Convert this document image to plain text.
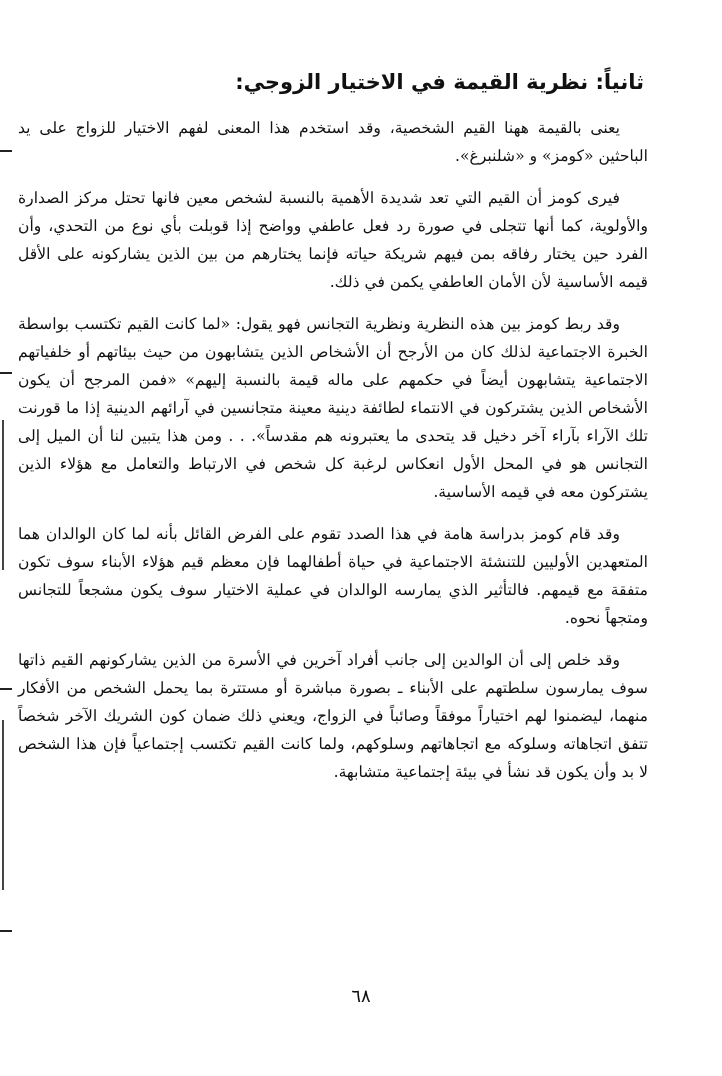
ثانياً: نظرية القيمة في الاختيار الزوجي:

يعنى بالقيمة ههنا القيم الشخصية، وقد استخدم هذا المعنى لفهم الاختيار للزواج على يد الباحثين «كومز» و «شلنبرغ».

فيرى كومز أن القيم التي تعد شديدة الأهمية بالنسبة لشخص معين فانها تحتل مركز الصدارة والأولوية، كما أنها تتجلى في صورة رد فعل عاطفي وواضح إذا قوبلت بأي نوع من التحدي، وأن الفرد حين يختار رفاقه بمن فيهم شريكة حياته فإنما يختارهم من بين الذين يشاركونه على الأقل قيمه الأساسية لأن الأمان العاطفي يكمن في ذلك.

وقد ربط كومز بين هذه النظرية ونظرية التجانس فهو يقول: «لما كانت القيم تكتسب بواسطة الخبرة الاجتماعية لذلك كان من الأرجح أن الأشخاص الذين يتشابهون من حيث بيئاتهم أو خلفياتهم الاجتماعية يتشابهون أيضاً في حكمهم على ماله قيمة بالنسبة إليهم» «فمن المرجح أن يكون الأشخاص الذين يشتركون في الانتماء لطائفة دينية معينة متجانسين في آرائهم الدينية إذا ما قورنت تلك الآراء بآراء آخر دخيل قد يتحدى ما يعتبرونه هم مقدساً». . . ومن هذا يتبين لنا أن الميل إلى التجانس هو في المحل الأول انعكاس لرغبة كل شخص في الارتباط والتعامل مع هؤلاء الذين يشتركون معه في قيمه الأساسية.

وقد قام كومز بدراسة هامة في هذا الصدد تقوم على الفرض القائل بأنه لما كان الوالدان هما المتعهدين الأوليين للتنشئة الاجتماعية في حياة أطفالهما فإن معظم قيم هؤلاء الأبناء سوف تكون متفقة مع قيمهم. فالتأثير الذي يمارسه الوالدان في عملية الاختيار سوف يكون مشجعاً للتجانس ومتجهاً نحوه.

وقد خلص إلى أن الوالدين إلى جانب أفراد آخرين في الأسرة من الذين يشاركونهم القيم ذاتها سوف يمارسون سلطتهم على الأبناء ـ بصورة مباشرة أو مستترة بما يحمل الشخص من الأفكار منهما، ليضمنوا لهم اختياراً موفقاً وصائباً في الزواج، ويعني ذلك ضمان كون الشريك الآخر شخصاً تتفق اتجاهاته وسلوكه مع اتجاهاتهم وسلوكهم، ولما كانت القيم تكتسب إجتماعياً فإن هذا الشخص لا بد وأن يكون قد نشأ في بيئة إجتماعية متشابهة.

٦٨
